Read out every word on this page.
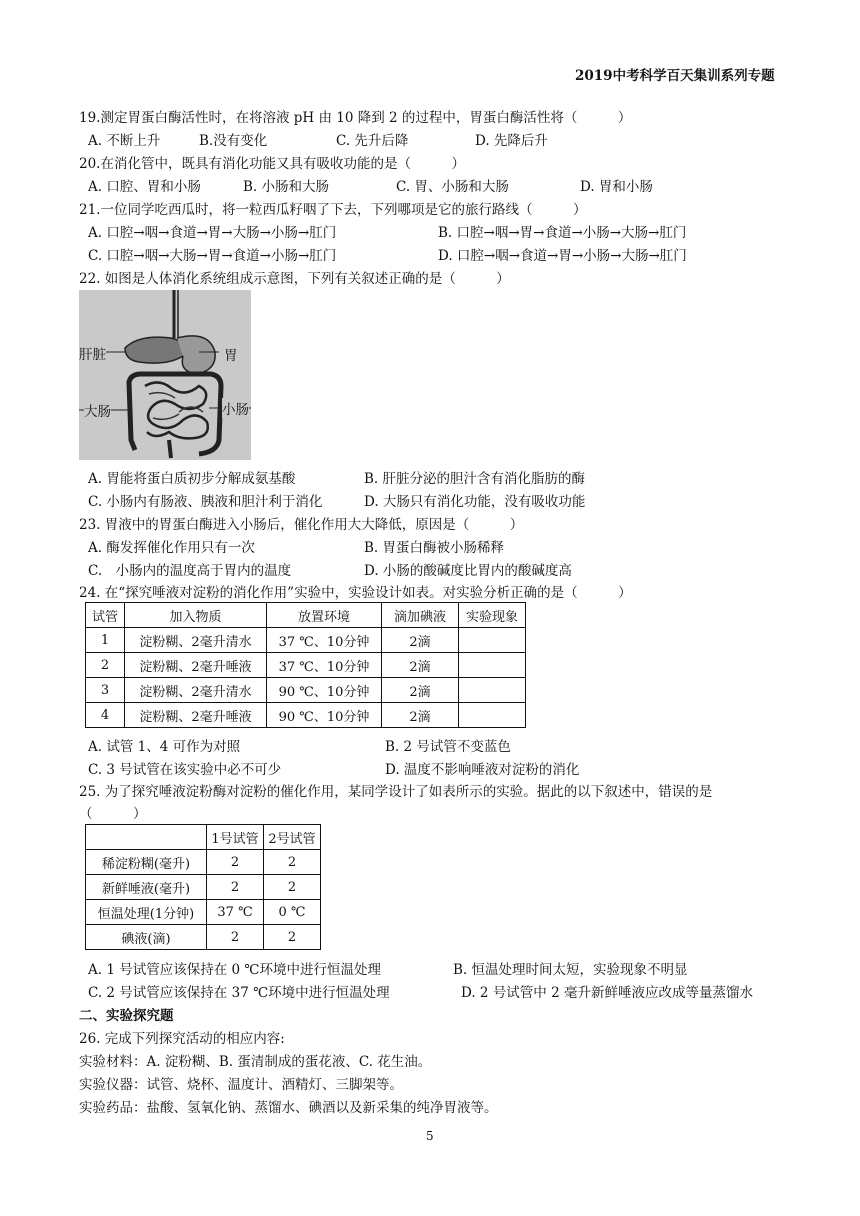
2019中考科学百天集训系列专题
19.测定胃蛋白酶活性时，在将溶液 pH 由 10 降到 2 的过程中，胃蛋白酶活性将（　　　）
A. 不断上升	B.没有变化	C. 先升后降	D. 先降后升
20.在消化管中，既具有消化功能又具有吸收功能的是（　　　）
A. 口腔、胃和小肠	B. 小肠和大肠	C. 胃、小肠和大肠	D. 胃和小肠
21.一位同学吃西瓜时，将一粒西瓜籽咽了下去，下列哪项是它的旅行路线（　　　）
A. 口腔→咽→食道→胃→大肠→小肠→肛门	B. 口腔→咽→胃→食道→小肠→大肠→肛门
C. 口腔→咽→大肠→胃→食道→小肠→肛门	D. 口腔→咽→食道→胃→小肠→大肠→肛门
22. 如图是人体消化系统组成示意图，下列有关叙述正确的是（　　　）
肝脏	胃
大肠	小肠
A. 胃能将蛋白质初步分解成氨基酸	B. 肝脏分泌的胆汁含有消化脂肪的酶
C. 小肠内有肠液、胰液和胆汁利于消化	D. 大肠只有消化功能，没有吸收功能
23. 胃液中的胃蛋白酶进入小肠后，催化作用大大降低，原因是（　　　）
A. 酶发挥催化作用只有一次	B. 胃蛋白酶被小肠稀释
C.　小肠内的温度高于胃内的温度	D. 小肠的酸碱度比胃内的酸碱度高
24. 在“探究唾液对淀粉的消化作用”实验中，实验设计如表。对实验分析正确的是（　　　）
试管	加入物质	放置环境	滴加碘液	实验现象
1	淀粉糊、2毫升清水	37 ℃、10分钟	2滴	
2	淀粉糊、2毫升唾液	37 ℃、10分钟	2滴	
3	淀粉糊、2毫升清水	90 ℃、10分钟	2滴	
4	淀粉糊、2毫升唾液	90 ℃、10分钟	2滴	
A. 试管 1、4 可作为对照	B. 2 号试管不变蓝色
C. 3 号试管在该实验中必不可少	D. 温度不影响唾液对淀粉的消化
25. 为了探究唾液淀粉酶对淀粉的催化作用，某同学设计了如表所示的实验。据此的以下叙述中，错误的是
（　　　）
	1号试管	2号试管
稀淀粉糊(毫升)	2	2
新鲜唾液(毫升)	2	2
恒温处理(1分钟)	37 ℃	0 ℃
碘液(滴)	2	2
A. 1 号试管应该保持在 0 ℃环境中进行恒温处理	B. 恒温处理时间太短，实验现象不明显
C. 2 号试管应该保持在 37 ℃环境中进行恒温处理	D. 2 号试管中 2 毫升新鲜唾液应改成等量蒸馏水
二、实验探究题
26. 完成下列探究活动的相应内容:
实验材料：A. 淀粉糊、B. 蛋清制成的蛋花液、C. 花生油。
实验仪器：试管、烧杯、温度计、酒精灯、三脚架等。
实验药品：盐酸、氢氧化钠、蒸馏水、碘酒以及新采集的纯净胃液等。
5
